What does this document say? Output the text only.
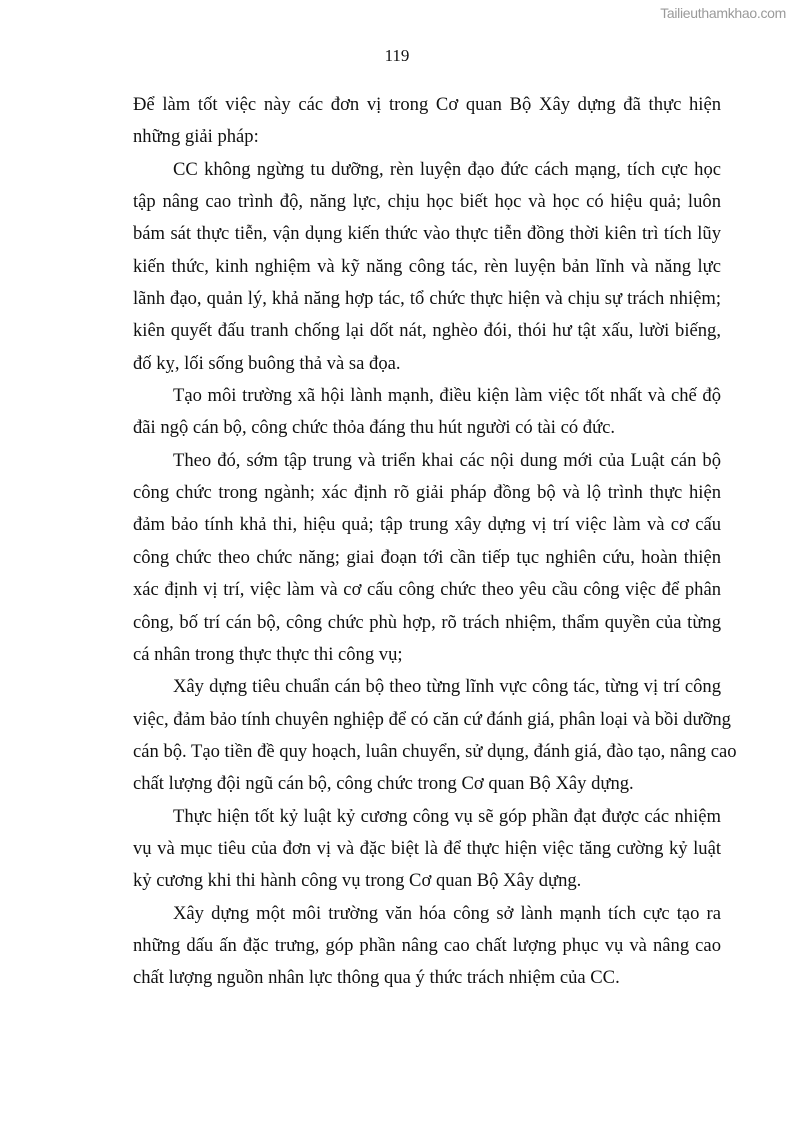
Tailieuthamkhao.com
119
Để làm tốt việc này các đơn vị trong Cơ quan Bộ Xây dựng đã thực hiện
những giải pháp:
CC không ngừng tu dưỡng, rèn luyện đạo đức cách mạng, tích cực học
tập nâng cao trình độ, năng lực, chịu học biết học và học có hiệu quả; luôn
bám sát thực tiễn, vận dụng kiến thức vào thực tiễn đồng thời kiên trì tích lũy
kiến thức, kinh nghiệm và kỹ năng công tác, rèn luyện bản lĩnh và năng lực
lãnh đạo, quản lý, khả năng hợp tác, tổ chức thực hiện và chịu sự trách nhiệm;
kiên quyết đấu tranh chống lại dốt nát, nghèo đói, thói hư tật xấu, lười biếng,
đố kỵ, lối sống buông thả và sa đọa.
Tạo môi trường xã hội lành mạnh, điều kiện làm việc tốt nhất và chế độ
đãi ngộ cán bộ, công chức thỏa đáng thu hút người có tài có đức.
Theo đó, sớm tập trung và triển khai các nội dung mới của Luật cán bộ
công chức trong ngành; xác định rõ giải pháp đồng bộ và lộ trình thực hiện
đảm bảo tính khả thi, hiệu quả; tập trung xây dựng vị trí việc làm và cơ cấu
công chức theo chức năng; giai đoạn tới cần tiếp tục nghiên cứu, hoàn thiện
xác định vị trí, việc làm và cơ cấu công chức theo yêu cầu công việc để phân
công, bố trí cán bộ, công chức phù hợp, rõ trách nhiệm, thẩm quyền của từng
cá nhân trong thực thực thi công vụ;
Xây dựng tiêu chuẩn cán bộ theo từng lĩnh vực công tác, từng vị trí công
việc, đảm bảo tính chuyên nghiệp để có căn cứ đánh giá, phân loại và bồi dưỡng
cán bộ. Tạo tiền đề quy hoạch, luân chuyển, sử dụng, đánh giá, đào tạo, nâng cao
chất lượng đội ngũ cán bộ, công chức trong Cơ quan Bộ Xây dựng.
Thực hiện tốt kỷ luật kỷ cương công vụ sẽ góp phần đạt được các nhiệm
vụ và mục tiêu của đơn vị và đặc biệt là để thực hiện việc tăng cường kỷ luật
kỷ cương khi thi hành công vụ trong Cơ quan Bộ Xây dựng.
Xây dựng một môi trường văn hóa công sở lành mạnh tích cực tạo ra
những dấu ấn đặc trưng, góp phần nâng cao chất lượng phục vụ và nâng cao
chất lượng nguồn nhân lực thông qua ý thức trách nhiệm của CC.
